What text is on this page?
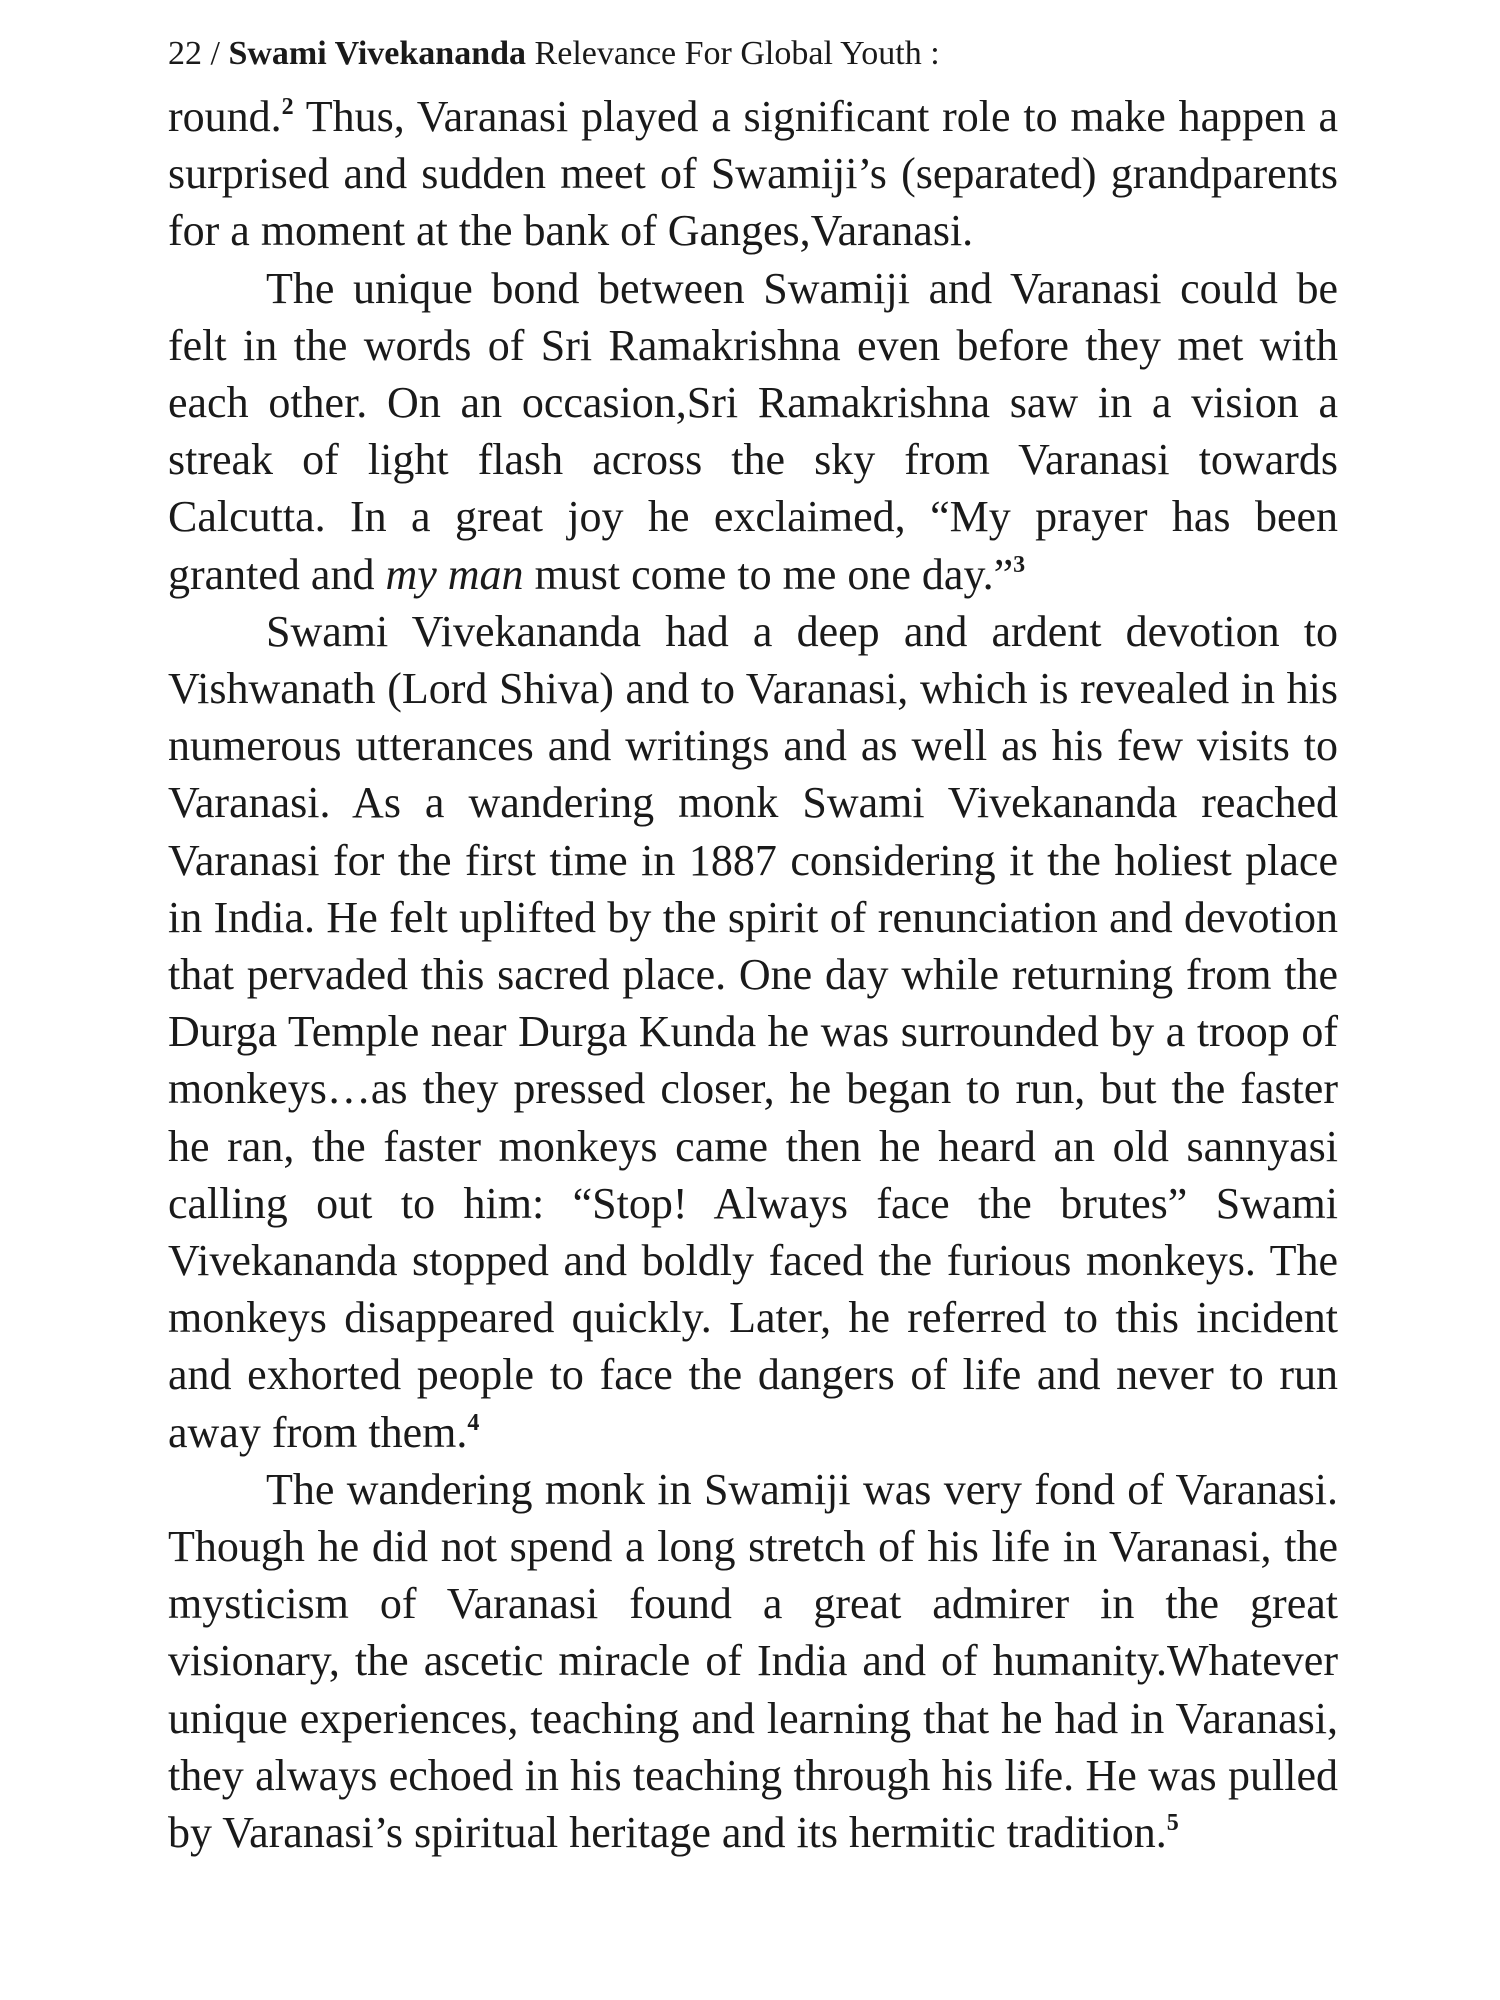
22 / Swami Vivekananda Relevance For Global Youth :

round.$^2$ Thus, Varanasi played a significant role to make happen a surprised and sudden meet of Swamiji’s (separated) grandparents for a moment at the bank of Ganges,Varanasi.

The unique bond between Swamiji and Varanasi could be felt in the words of Sri Ramakrishna even before they met with each other. On an occasion,Sri Ramakrishna saw in a vision a streak of light flash across the sky from Varanasi towards Calcutta. In a great joy he exclaimed, “My prayer has been granted and my man must come to me one day.”$^3$

Swami Vivekananda had a deep and ardent devotion to Vishwanath (Lord Shiva) and to Varanasi, which is revealed in his numerous utterances and writings and as well as his few visits to Varanasi. As a wandering monk Swami Vivekananda reached Varanasi for the first time in 1887 considering it the holiest place in India. He felt uplifted by the spirit of renunciation and devotion that pervaded this sacred place. One day while returning from the Durga Temple near Durga Kunda he was surrounded by a troop of monkeys…as they pressed closer, he began to run, but the faster he ran, the faster monkeys came then he heard an old sannyasi calling out to him: “Stop! Always face the brutes” Swami Vivekananda stopped and boldly faced the furious monkeys. The monkeys disappeared quickly. Later, he referred to this incident and exhorted people to face the dangers of life and never to run away from them.$^4$

The wandering monk in Swamiji was very fond of Varanasi. Though he did not spend a long stretch of his life in Varanasi, the mysticism of Varanasi found a great admirer in the great visionary, the ascetic miracle of India and of humanity.Whatever unique experiences, teaching and learning that he had in Varanasi, they always echoed in his teaching through his life. He was pulled by Varanasi’s spiritual heritage and its hermitic tradition.$^5$
